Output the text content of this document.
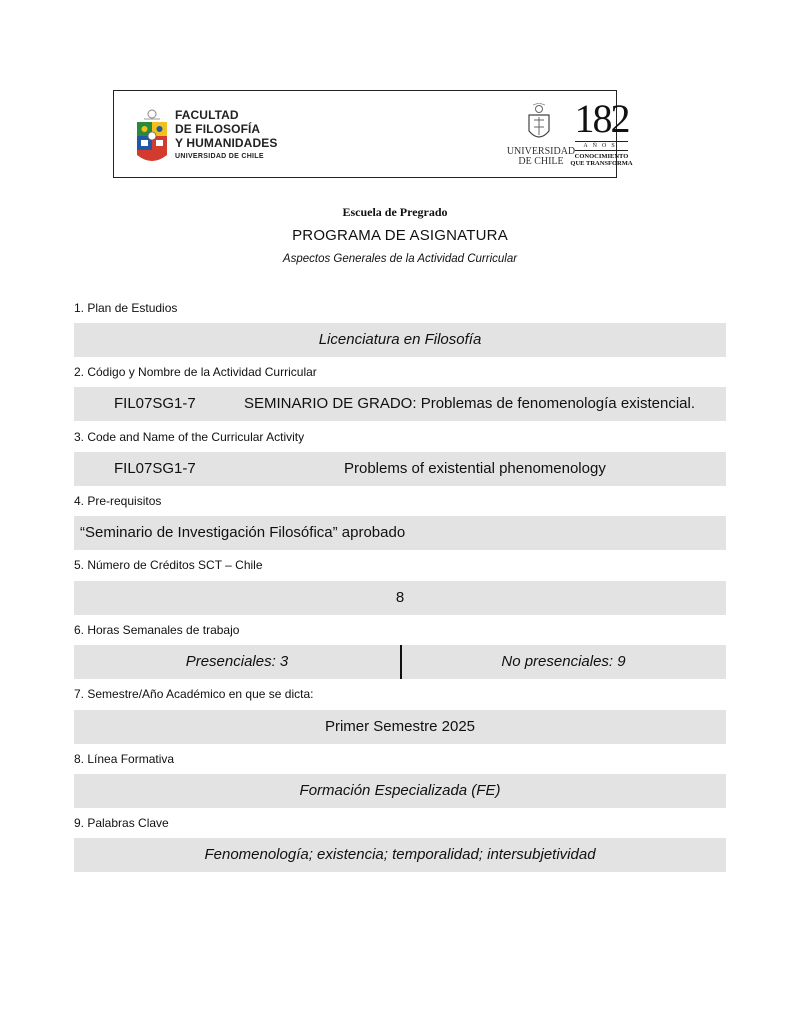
FACULTAD
DE FILOSOFÍA
Y HUMANIDADES
UNIVERSIDAD DE CHILE	UNIVERSIDAD
DE CHILE
182
AÑOS
CONOCIMIENTO
QUE TRANSFORMA
Escuela de Pregrado
PROGRAMA DE ASIGNATURA
Aspectos Generales de la Actividad Curricular
1. Plan de Estudios
Licenciatura en Filosofía
2. Código y Nombre de la Actividad Curricular
FIL07SG1-7	SEMINARIO DE GRADO: Problemas de fenomenología existencial.
3. Code and Name of the Curricular Activity
FIL07SG1-7	Problems of existential phenomenology
4. Pre-requisitos
“Seminario de Investigación Filosófica” aprobado
5. Número de Créditos SCT – Chile
8
6. Horas Semanales de trabajo
Presenciales: 3	No presenciales: 9
7. Semestre/Año Académico en que se dicta:
Primer Semestre 2025
8. Línea Formativa
Formación Especializada (FE)
9. Palabras Clave
Fenomenología; existencia; temporalidad; intersubjetividad
